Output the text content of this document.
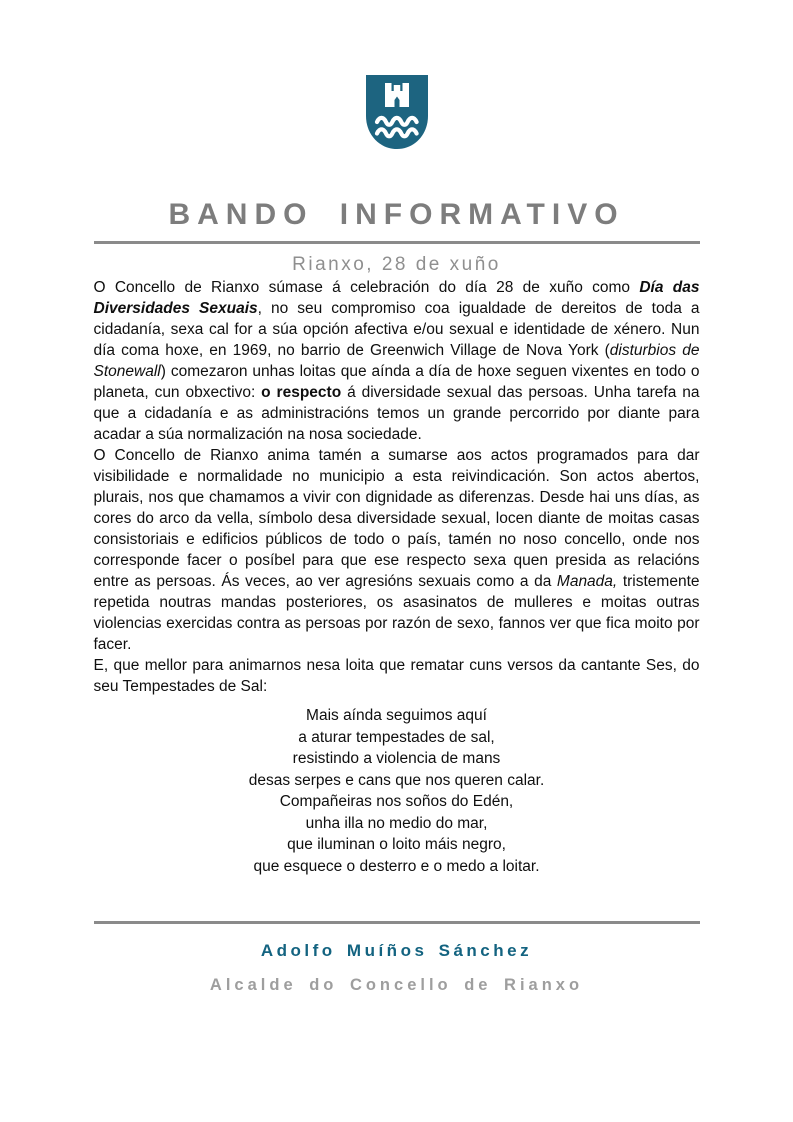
BANDO INFORMATIVO
Rianxo, 28 de xuño

O Concello de Rianxo súmase á celebración do día 28 de xuño como Día das Diversidades Sexuais, no seu compromiso coa igualdade de dereitos de toda a cidadanía, sexa cal for a súa opción afectiva e/ou sexual e identidade de xénero. Nun día coma hoxe, en 1969, no barrio de Greenwich Village de Nova York (disturbios de Stonewall) comezaron unhas loitas que aínda a día de hoxe seguen vixentes en todo o planeta, cun obxectivo: o respecto á diversidade sexual das persoas. Unha tarefa na que a cidadanía e as administracións temos un grande percorrido por diante para acadar a súa normalización na nosa sociedade.

O Concello de Rianxo anima tamén a sumarse aos actos programados para dar visibilidade e normalidade no municipio a esta reivindicación. Son actos abertos, plurais, nos que chamamos a vivir con dignidade as diferenzas. Desde hai uns días, as cores do arco da vella, símbolo desa diversidade sexual, locen diante de moitas casas consistoriais e edificios públicos de todo o país, tamén no noso concello, onde nos corresponde facer o posíbel para que ese respecto sexa quen presida as relacións entre as persoas. Ás veces, ao ver agresións sexuais como a da Manada, tristemente repetida noutras mandas posteriores, os asasinatos de mulleres e moitas outras violencias exercidas contra as persoas por razón de sexo, fannos ver que fica moito por facer.

E, que mellor para animarnos nesa loita que rematar cuns versos da cantante Ses, do seu Tempestades de Sal:

Mais aínda seguimos aquí
a aturar tempestades de sal,
resistindo a violencia de mans
desas serpes e cans que nos queren calar.
Compañeiras nos soños do Edén,
unha illa no medio do mar,
que iluminan o loito máis negro,
que esquece o desterro e o medo a loitar.
Adolfo Muíños Sánchez
Alcalde do Concello de Rianxo
